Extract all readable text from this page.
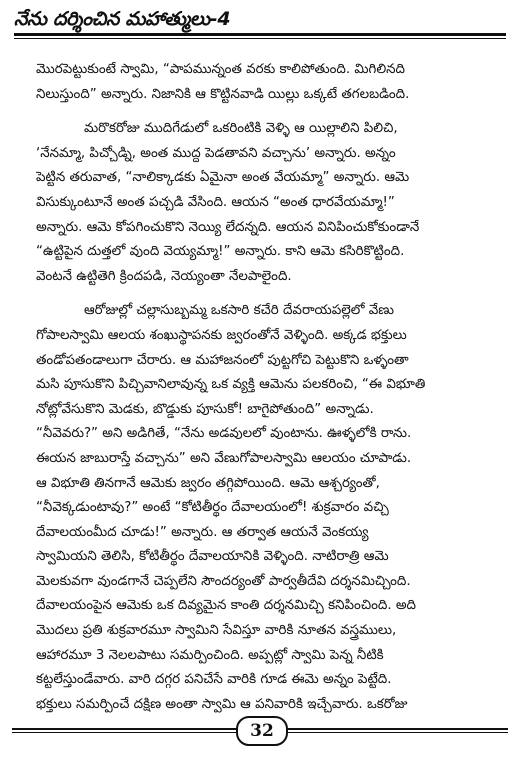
నేను దర్శించిన మహాత్ములు-4
మొరపెట్టుకుంటే స్వామి, “పాపమున్నంత వరకు కాలిపోతుంది. మిగిలినది
నిలుస్తుంది” అన్నారు. నిజానికి ఆ కొట్టినవాడి యిల్లు ఒక్కటే తగలబడింది.
మరొకరోజు ముదిగేడులో ఒకరింటికి వెళ్ళి ఆ యిల్లాలిని పిలిచి,
‘నేనమ్మా, పిచ్చోడ్ని, అంత ముద్ద పెడతావని వచ్చాను’ అన్నారు. అన్నం
పెట్టిన తరువాత, “నాలిక్కాడకు ఏమైనా అంత వేయమ్మా” అన్నారు. ఆమె
విసుక్కుంటూనే అంత పచ్చడి వేసింది. ఆయన “అంత ధారవేయమ్మా!”
అన్నారు. ఆమె కోపగించుకొని నెయ్యి లేదన్నది. ఆయన వినిపించుకోకుండానే
“ఉట్టిపైన దుత్తలో వుంది వెయ్యమ్మా!” అన్నారు. కాని ఆమె కసిరికొట్టింది.
వెంటనే ఉట్టితెగి క్రిందపడి, నెయ్యంతా నేలపాలైంది.
ఆరోజుల్లో చల్లాసుబ్బమ్మ ఒకసారి కచేరి దేవరాయపల్లెలో వేణు
గోపాలస్వామి ఆలయ శంఖుస్థాపనకు జ్వరంతోనే వెళ్ళింది. అక్కడ భక్తులు
తండోపతండాలుగా చేరారు. ఆ మహాజనంలో పుట్టగోచి పెట్టుకొని ఒళ్ళంతా
మసి పూసుకొని పిచ్చివానిలావున్న ఒక వ్యక్తి ఆమెను పలకరించి, “ఈ విభూతి
నోట్లోవేసుకొని మెడకు, బొడ్డుకు పూసుకో! బాగైపోతుంది” అన్నాడు.
“నీవెవరు?” అని అడిగితే, “నేను అడవులలో వుంటాను. ఊళ్ళలోకి రాను.
ఈయన జాబురాస్తే వచ్చాను” అని వేణుగోపాలస్వామి ఆలయం చూపాడు.
ఆ విభూతి తినగానే ఆమెకు జ్వరం తగ్గిపోయింది. ఆమె ఆశ్చర్యంతో,
“నీవెక్కడుంటావు?” అంటే “కోటితీర్థం దేవాలయంలో! శుక్రవారం వచ్చి
దేవాలయంమీద చూడు!” అన్నారు. ఆ తర్వాత ఆయనే వెంకయ్య
స్వామియని తెలిసి, కోటితీర్థం దేవాలయానికి వెళ్ళింది. నాటిరాత్రి ఆమె
మెలకువగా వుండగానే చెప్పలేని సౌందర్యంతో పార్వతీదేవి దర్శనమిచ్చింది.
దేవాలయంపైన ఆమెకు ఒక దివ్యమైన కాంతి దర్శనమిచ్చి కనిపించింది. అది
మొదలు ప్రతి శుక్రవారమూ స్వామిని సేవిస్తూ వారికి నూతన వస్త్రములు,
ఆహారమూ 3 నెలలపాటు సమర్పించింది. అప్పట్లో స్వామి పెన్న నీటికి
కట్టలేస్తుండేవారు. వారి దగ్గర పనిచేసే వారికి గూడ ఈమె అన్నం పెట్టేది.
భక్తులు సమర్పించే దక్షిణ అంతా స్వామి ఆ పనివారికి ఇచ్చేవారు. ఒకరోజు
32
